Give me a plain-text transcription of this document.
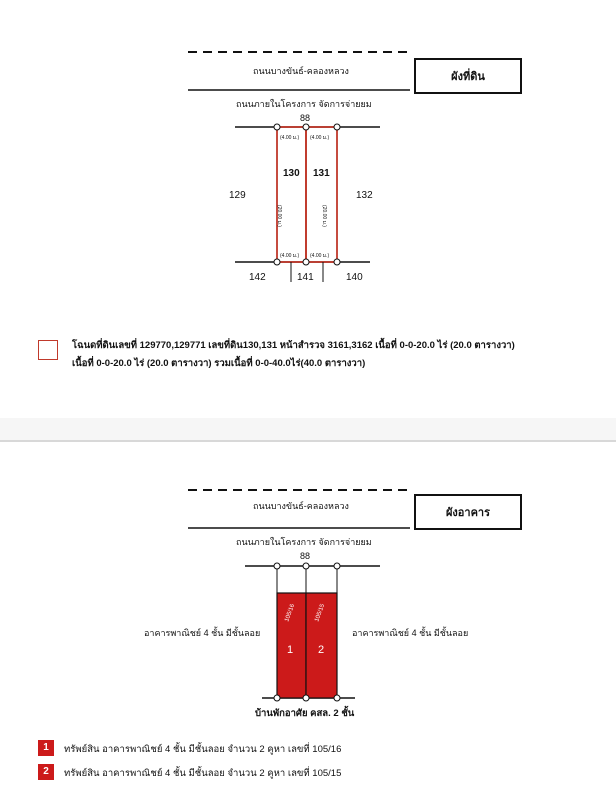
ผังที่ดิน
ถนนบางขันธ์-คลองหลวง
ถนนภายในโครงการ จัดการจ่ายยม
88
129	132
142	141	140
130 131
(4.00 ม.) (4.00 ม.)
(4.00 ม.) (4.00 ม.)
(20.00 ม.)	(20.00 ม.)
โฉนดที่ดินเลขที่ 129770,129771 เลขที่ดิน130,131 หน้าสำรวจ 3161,3162 เนื้อที่ 0-0-20.0 ไร่ (20.0 ตารางวา)
เนื้อที่ 0-0-20.0 ไร่ (20.0 ตารางวา) รวมเนื้อที่ 0-0-40.0ไร่(40.0 ตารางวา)
ผังอาคาร
ถนนบางขันธ์-คลองหลวง
ถนนภายในโครงการ จัดการจ่ายยม
88
อาคารพาณิชย์ 4 ชั้น มีชั้นลอย	อาคารพาณิชย์ 4 ชั้น มีชั้นลอย
บ้านพักอาศัย คสล. 2 ชั้น
1 2
105/16	105/15
1	ทรัพย์สิน อาคารพาณิชย์ 4 ชั้น มีชั้นลอย จำนวน 2 คูหา เลขที่ 105/16
2	ทรัพย์สิน อาคารพาณิชย์ 4 ชั้น มีชั้นลอย จำนวน 2 คูหา เลขที่ 105/15
